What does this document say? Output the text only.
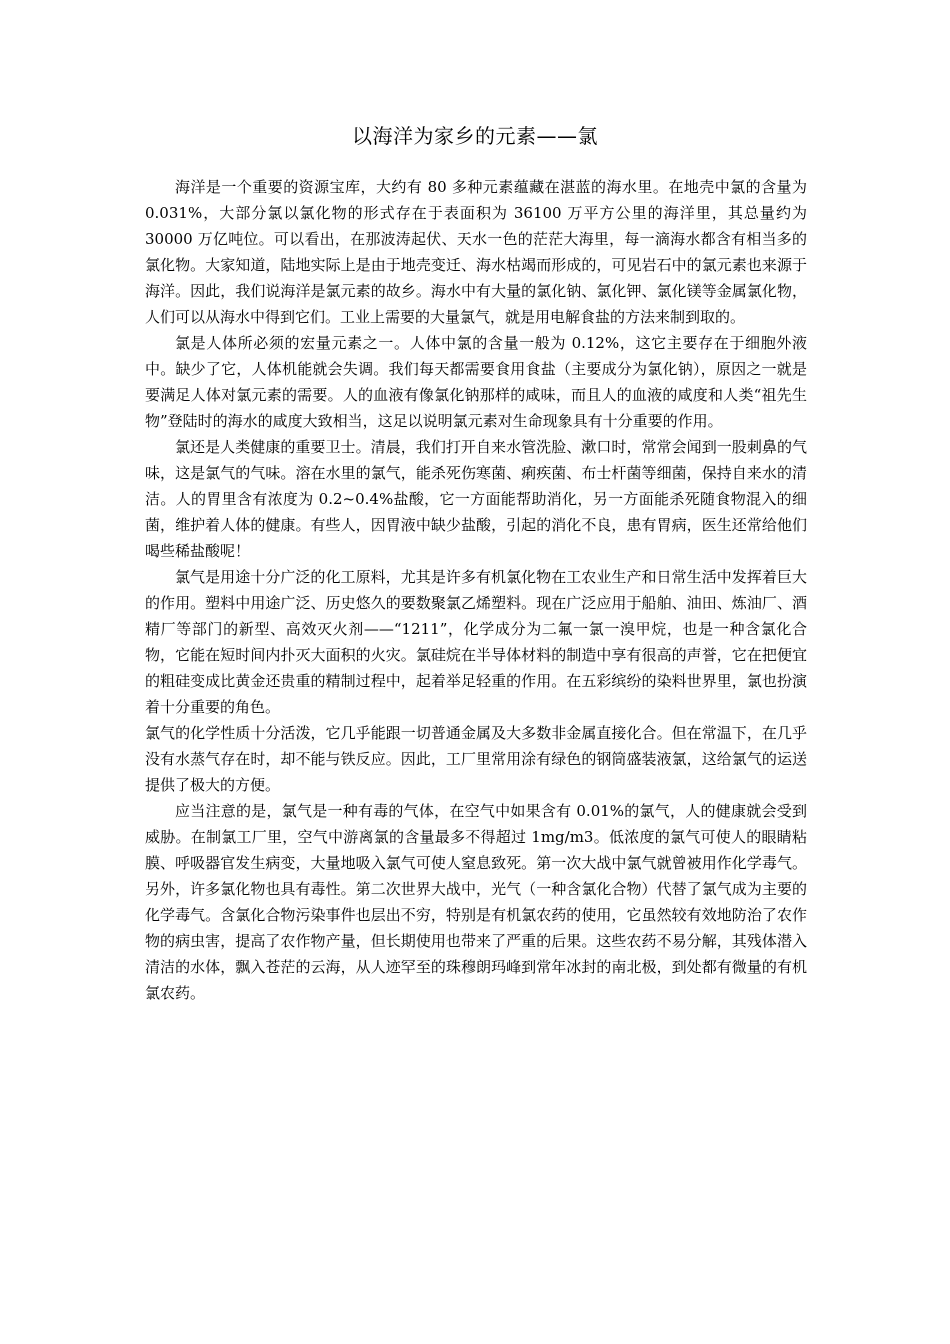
以海洋为家乡的元素——氯

海洋是一个重要的资源宝库，大约有 80 多种元素蕴藏在湛蓝的海水里。在地壳中氯的含量为 0.031%，大部分氯以氯化物的形式存在于表面积为 36100 万平方公里的海洋里，其总量约为 30000 万亿吨位。可以看出，在那波涛起伏、天水一色的茫茫大海里，每一滴海水都含有相当多的氯化物。大家知道，陆地实际上是由于地壳变迁、海水枯竭而形成的，可见岩石中的氯元素也来源于海洋。因此，我们说海洋是氯元素的故乡。海水中有大量的氯化钠、氯化钾、氯化镁等金属氯化物，人们可以从海水中得到它们。工业上需要的大量氯气，就是用电解食盐的方法来制到取的。

氯是人体所必须的宏量元素之一。人体中氯的含量一般为 0.12%，这它主要存在于细胞外液中。缺少了它，人体机能就会失调。我们每天都需要食用食盐（主要成分为氯化钠），原因之一就是要满足人体对氯元素的需要。人的血液有像氯化钠那样的咸味，而且人的血液的咸度和人类“祖先生物”登陆时的海水的咸度大致相当，这足以说明氯元素对生命现象具有十分重要的作用。

氯还是人类健康的重要卫士。清晨，我们打开自来水管洗脸、漱口时，常常会闻到一股刺鼻的气味，这是氯气的气味。溶在水里的氯气，能杀死伤寒菌、痢疾菌、布士杆菌等细菌，保持自来水的清洁。人的胃里含有浓度为 0.2~0.4%盐酸，它一方面能帮助消化，另一方面能杀死随食物混入的细菌，维护着人体的健康。有些人，因胃液中缺少盐酸，引起的消化不良，患有胃病，医生还常给他们喝些稀盐酸呢！

氯气是用途十分广泛的化工原料，尤其是许多有机氯化物在工农业生产和日常生活中发挥着巨大的作用。塑料中用途广泛、历史悠久的要数聚氯乙烯塑料。现在广泛应用于船舶、油田、炼油厂、酒精厂等部门的新型、高效灭火剂——“1211”，化学成分为二氟一氯一溴甲烷，也是一种含氯化合物，它能在短时间内扑灭大面积的火灾。氯硅烷在半导体材料的制造中享有很高的声誉，它在把便宜的粗硅变成比黄金还贵重的精制过程中，起着举足轻重的作用。在五彩缤纷的染料世界里，氯也扮演着十分重要的角色。

氯气的化学性质十分活泼，它几乎能跟一切普通金属及大多数非金属直接化合。但在常温下，在几乎没有水蒸气存在时，却不能与铁反应。因此，工厂里常用涂有绿色的钢筒盛装液氯，这给氯气的运送提供了极大的方便。

应当注意的是，氯气是一种有毒的气体，在空气中如果含有 0.01%的氯气，人的健康就会受到威胁。在制氯工厂里，空气中游离氯的含量最多不得超过 1mg/m3。低浓度的氯气可使人的眼睛粘膜、呼吸器官发生病变，大量地吸入氯气可使人窒息致死。第一次大战中氯气就曾被用作化学毒气。另外，许多氯化物也具有毒性。第二次世界大战中，光气（一种含氯化合物）代替了氯气成为主要的化学毒气。含氯化合物污染事件也层出不穷，特别是有机氯农药的使用，它虽然较有效地防治了农作物的病虫害，提高了农作物产量，但长期使用也带来了严重的后果。这些农药不易分解，其残体潜入清洁的水体，飘入苍茫的云海，从人迹罕至的珠穆朗玛峰到常年冰封的南北极，到处都有微量的有机氯农药。
